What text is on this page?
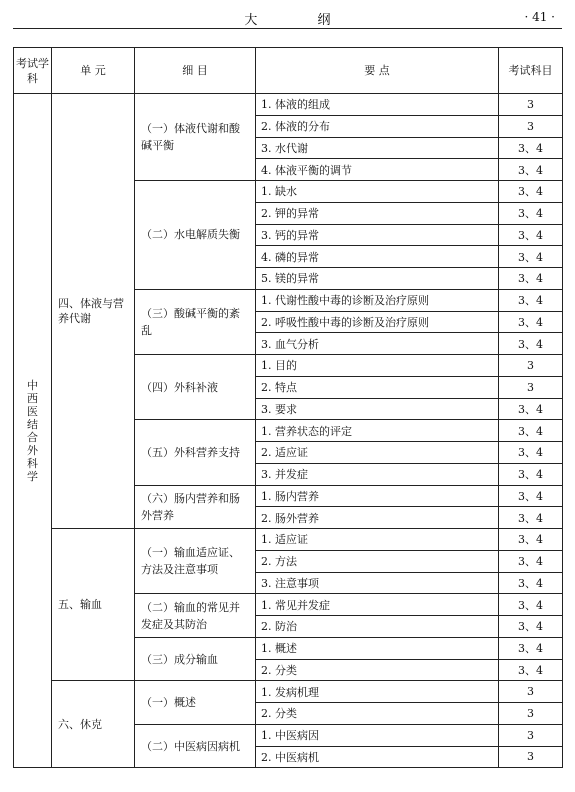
大 纲	· 41 ·
考试学科	单 元	细 目	要 点	考试科目
中西医结合外科学	四、体液与营养代谢	（一）体液代谢和酸碱平衡	1. 体液的组成	3
			2. 体液的分布	3
			3. 水代谢	3、4
			4. 体液平衡的调节	3、4
		（二）水电解质失衡	1. 缺水	3、4
			2. 钾的异常	3、4
			3. 钙的异常	3、4
			4. 磷的异常	3、4
			5. 镁的异常	3、4
		（三）酸碱平衡的紊乱	1. 代谢性酸中毒的诊断及治疗原则	3、4
			2. 呼吸性酸中毒的诊断及治疗原则	3、4
			3. 血气分析	3、4
		（四）外科补液	1. 目的	3
			2. 特点	3
			3. 要求	3、4
		（五）外科营养支持	1. 营养状态的评定	3、4
			2. 适应证	3、4
			3. 并发症	3、4
		（六）肠内营养和肠外营养	1. 肠内营养	3、4
			2. 肠外营养	3、4
	五、输血	（一）输血适应证、方法及注意事项	1. 适应证	3、4
			2. 方法	3、4
			3. 注意事项	3、4
		（二）输血的常见并发症及其防治	1. 常见并发症	3、4
			2. 防治	3、4
		（三）成分输血	1. 概述	3、4
			2. 分类	3、4
	六、休克	（一）概述	1. 发病机理	3
			2. 分类	3
		（二）中医病因病机	1. 中医病因	3
			2. 中医病机	3
